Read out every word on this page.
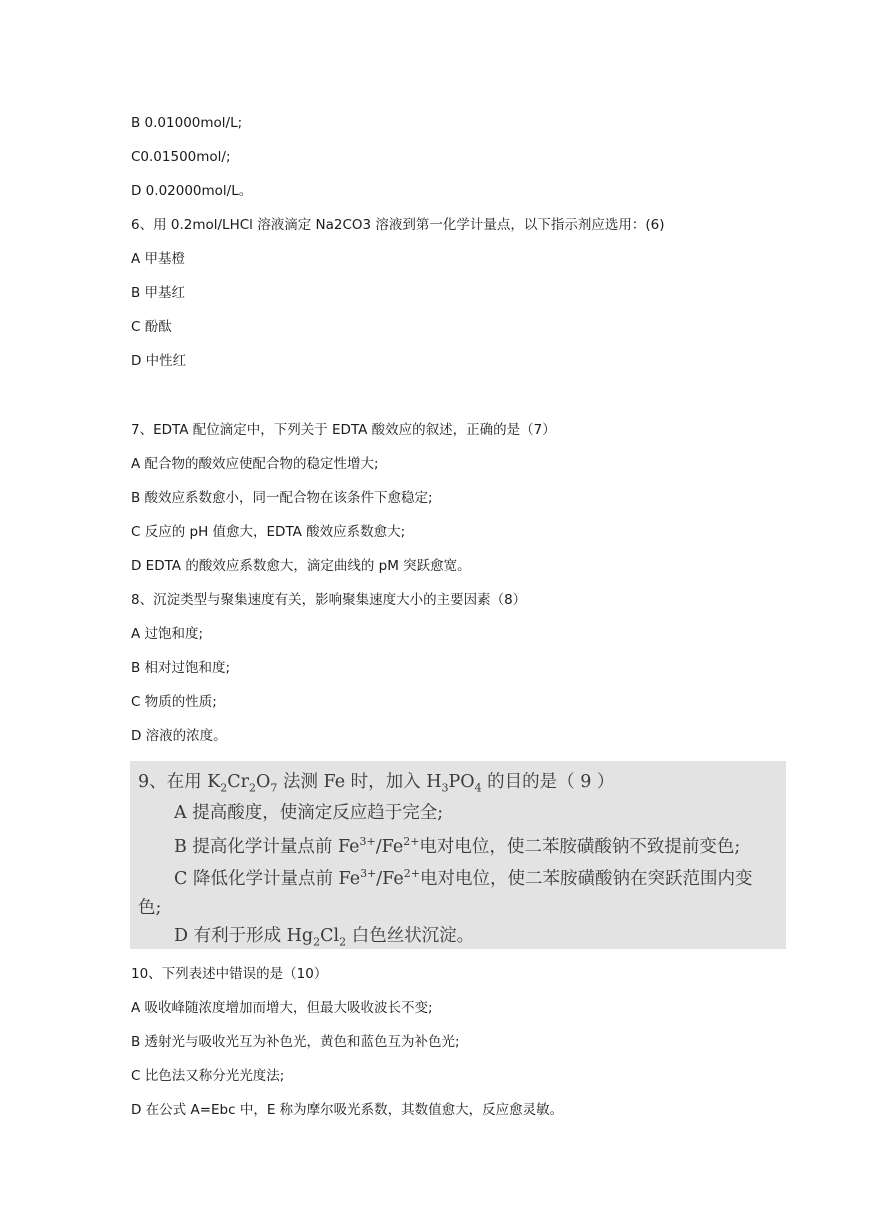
B 0.01000mol/L;
C0.01500mol/;
D 0.02000mol/L。
6、用 0.2mol/LHCl 溶液滴定 Na2CO3 溶液到第一化学计量点，以下指示剂应选用：(6)
A 甲基橙
B 甲基红
C 酚酞
D 中性红
7、EDTA 配位滴定中，下列关于 EDTA 酸效应的叙述，正确的是（7）
A 配合物的酸效应使配合物的稳定性增大;
B 酸效应系数愈小，同一配合物在该条件下愈稳定;
C 反应的 pH 值愈大，EDTA 酸效应系数愈大;
D EDTA 的酸效应系数愈大，滴定曲线的 pM 突跃愈宽。
8、沉淀类型与聚集速度有关，影响聚集速度大小的主要因素（8）
A 过饱和度;
B 相对过饱和度;
C 物质的性质;
D 溶液的浓度。
9、在用 $K_2Cr_2O_7$ 法测 Fe 时，加入 $H_3PO_4$ 的目的是（ 9 ）
A 提高酸度，使滴定反应趋于完全;
B 提高化学计量点前 $Fe^{3+}/Fe^{2+}$电对电位，使二苯胺磺酸钠不致提前变色;
C 降低化学计量点前 $Fe^{3+}/Fe^{2+}$电对电位，使二苯胺磺酸钠在突跃范围内变
色;
D 有利于形成 $Hg_2Cl_2$ 白色丝状沉淀。
10、下列表述中错误的是（10）
A 吸收峰随浓度增加而增大，但最大吸收波长不变;
B 透射光与吸收光互为补色光，黄色和蓝色互为补色光;
C 比色法又称分光光度法;
D 在公式 A=Ebc 中，E 称为摩尔吸光系数，其数值愈大，反应愈灵敏。
